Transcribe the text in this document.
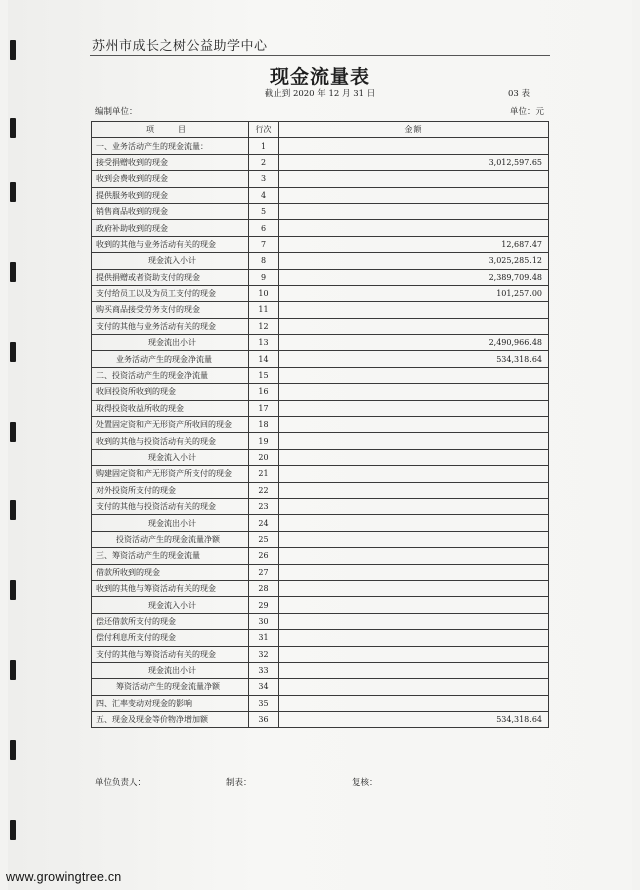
苏州市成长之树公益助学中心
现金流量表
截止到 2020 年 12 月 31 日	03 表
编制单位：	单位：元
项　目	行次	金额
一、业务活动产生的现金流量：	1	
接受捐赠收到的现金	2	3,012,597.65
收到会费收到的现金	3	
提供服务收到的现金	4	
销售商品收到的现金	5	
政府补助收到的现金	6	
收到的其他与业务活动有关的现金	7	12,687.47
现金流入小计	8	3,025,285.12
提供捐赠或者资助支付的现金	9	2,389,709.48
支付给员工以及为员工支付的现金	10	101,257.00
购买商品接受劳务支付的现金	11	
支付的其他与业务活动有关的现金	12	
现金流出小计	13	2,490,966.48
业务活动产生的现金净流量	14	534,318.64
二、投资活动产生的现金净流量	15	
收回投资所收到的现金	16	
取得投资收益所收的现金	17	
处置固定资和产无形资产所收回的现金	18	
收到的其他与投资活动有关的现金	19	
现金流入小计	20	
购建固定资和产无形资产所支付的现金	21	
对外投资所支付的现金	22	
支付的其他与投资活动有关的现金	23	
现金流出小计	24	
投资活动产生的现金流量净额	25	
三、筹资活动产生的现金流量	26	
借款所收到的现金	27	
收到的其他与筹资活动有关的现金	28	
现金流入小计	29	
偿还借款所支付的现金	30	
偿付利息所支付的现金	31	
支付的其他与筹资活动有关的现金	32	
现金流出小计	33	
筹资活动产生的现金流量净额	34	
四、汇率变动对现金的影响	35	
五、现金及现金等价物净增加额	36	534,318.64
单位负责人：	制表：	复核：
www.growingtree.cn
